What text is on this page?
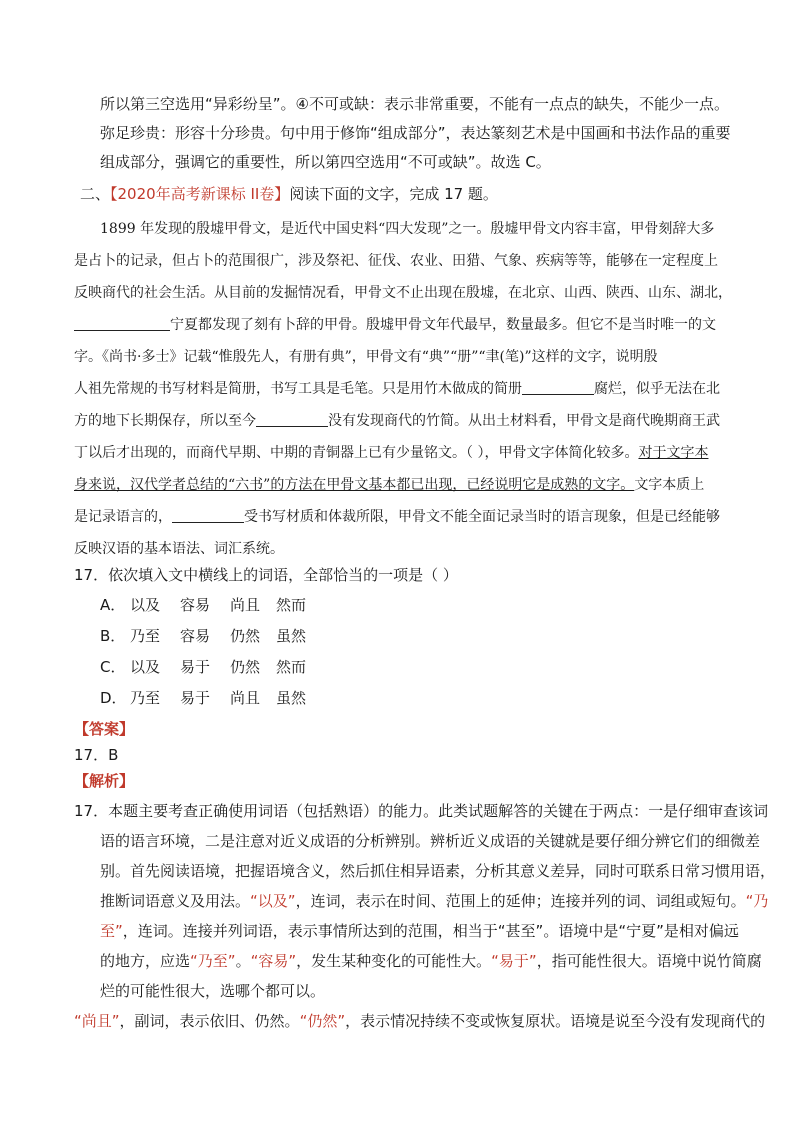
所以第三空选用“异彩纷呈”。④不可或缺：表示非常重要，不能有一点点的缺失，不能少一点。
弥足珍贵：形容十分珍贵。句中用于修饰“组成部分”，表达篆刻艺术是中国画和书法作品的重要
组成部分，强调它的重要性，所以第四空选用“不可或缺”。故选 C。
二、【2020年高考新课标 II卷】阅读下面的文字，完成 17 题。
1899 年发现的殷墟甲骨文，是近代中国史料“四大发现”之一。殷墟甲骨文内容丰富，甲骨刻辞大多
是占卜的记录，但占卜的范围很广，涉及祭祀、征伐、农业、田猎、气象、疾病等等，能够在一定程度上
反映商代的社会生活。从目前的发掘情况看，甲骨文不止出现在殷墟，在北京、山西、陕西、山东、湖北，
宁夏都发现了刻有卜辞的甲骨。殷墟甲骨文年代最早，数量最多。但它不是当时唯一的文
字。《尚书·多士》记载“惟殷先人，有册有典”，甲骨文有“典”“册”“聿(笔)”这样的文字，说明殷
人祖先常规的书写材料是简册，书写工具是毛笔。只是用竹木做成的简册	腐烂，似乎无法在北
方的地下长期保存，所以至今	没有发现商代的竹简。从出土材料看，甲骨文是商代晚期商王武
丁以后才出现的，而商代早期、中期的青铜器上已有少量铭文。（ ），甲骨文字体简化较多。对于文字本
身来说，汉代学者总结的“六书”的方法在甲骨文基本都已出现，已经说明它是成熟的文字。文字本质上
是记录语言的，	受书写材质和体裁所限，甲骨文不能全面记录当时的语言现象，但是已经能够
反映汉语的基本语法、词汇系统。
17．依次填入文中横线上的词语，全部恰当的一项是（ ）
A． 以及 容易 尚且 然而
B． 乃至 容易 仍然 虽然
C． 以及 易于 仍然 然而
D． 乃至 易于 尚且 虽然
【答案】
17．B
【解析】
17．本题主要考查正确使用词语（包括熟语）的能力。此类试题解答的关键在于两点：一是仔细审查该词
语的语言环境，二是注意对近义成语的分析辨别。辨析近义成语的关键就是要仔细分辨它们的细微差
别。首先阅读语境，把握语境含义，然后抓住相异语素，分析其意义差异，同时可联系日常习惯用语，
推断词语意义及用法。“以及”，连词，表示在时间、范围上的延伸；连接并列的词、词组或短句。“乃
至”，连词。连接并列词语，表示事情所达到的范围，相当于“甚至”。语境中是“宁夏”是相对偏远
的地方，应选“乃至”。“容易”，发生某种变化的可能性大。“易于”，指可能性很大。语境中说竹简腐
烂的可能性很大，选哪个都可以。
“尚且”，副词，表示依旧、仍然。“仍然”，表示情况持续不变或恢复原状。语境是说至今没有发现商代的
